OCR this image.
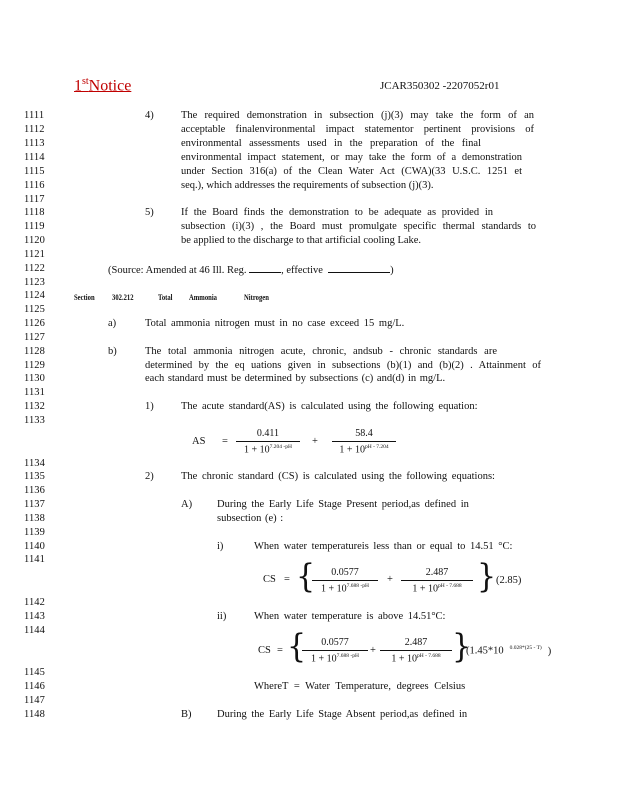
1stNotice	JCAR350302 -2207052r01
1111
1112
1113
1114
1115
1116
1117
1118
1119
1120
1121
1122
1123
1124
1125
1126
1127
1128
1129
1130
1131
1132
1133
1134
1135
1136
1137
1138
1139
1140
1141
1142
1143
1144
1145
1146
1147
1148
4)	The required demonstration in subsection (j)(3) may take the form of an
acceptable finalenvironmental impact statementor pertinent provisions of
environmental assessments used in the preparation of the final
environmental impact statement, or may take the form of a demonstration
under Section 316(a) of the Clean Water Act (CWA)(33 U.S.C. 1251 et
seq.), which addresses the requirements of subsection (j)(3).
5)	If the Board finds the demonstration to be adequate as provided in
subsection (i)(3) , the Board must promulgate specific thermal standards to
be applied to the discharge to that artificial cooling Lake.
(Source: Amended at 46 Ill. Reg.	, effective	)
Section 302.212	Total Ammonia	Nitrogen
a)	Total ammonia nitrogen must in no case exceed 15 mg/L.
b)	The total ammonia nitrogen acute, chronic, andsub - chronic standards are
determined by the eq uations given in subsections (b)(1) and (b)(2) . Attainment of
each standard must be determined by subsections (c) and(d) in mg/L.
1)	The acute standard(AS) is calculated using the following equation:
AS = $\frac{0.411}{1 + 10^{7.204 -pH}} + \frac{58.4}{1 + 10^{pH - 7.204}}$
2)	The chronic standard (CS) is calculated using the following equations:
A) During the Early Life Stage Present period,as defined in
subsection (e) :
i)	When water temperatureis less than or equal to 14.51 °C:
CS = {
$\frac{0.0577}{1 + 10^{7.688 -pH}} + \frac{2.487}{1 + 10^{pH - 7.688}}$ } (2.85)
ii)	When water temperature is above 14.51°C:
CS = {
$\frac{0.0577}{1 + 10^{7.688 -pH}} + \frac{2.487}{1 + 10^{pH - 7.688}}$ }
(1.45*10 $^{0.028*(25 - T)}$ )
WhereT = Water Temperature, degrees Celsius
B) During the Early Life Stage Absent period,as defined in
